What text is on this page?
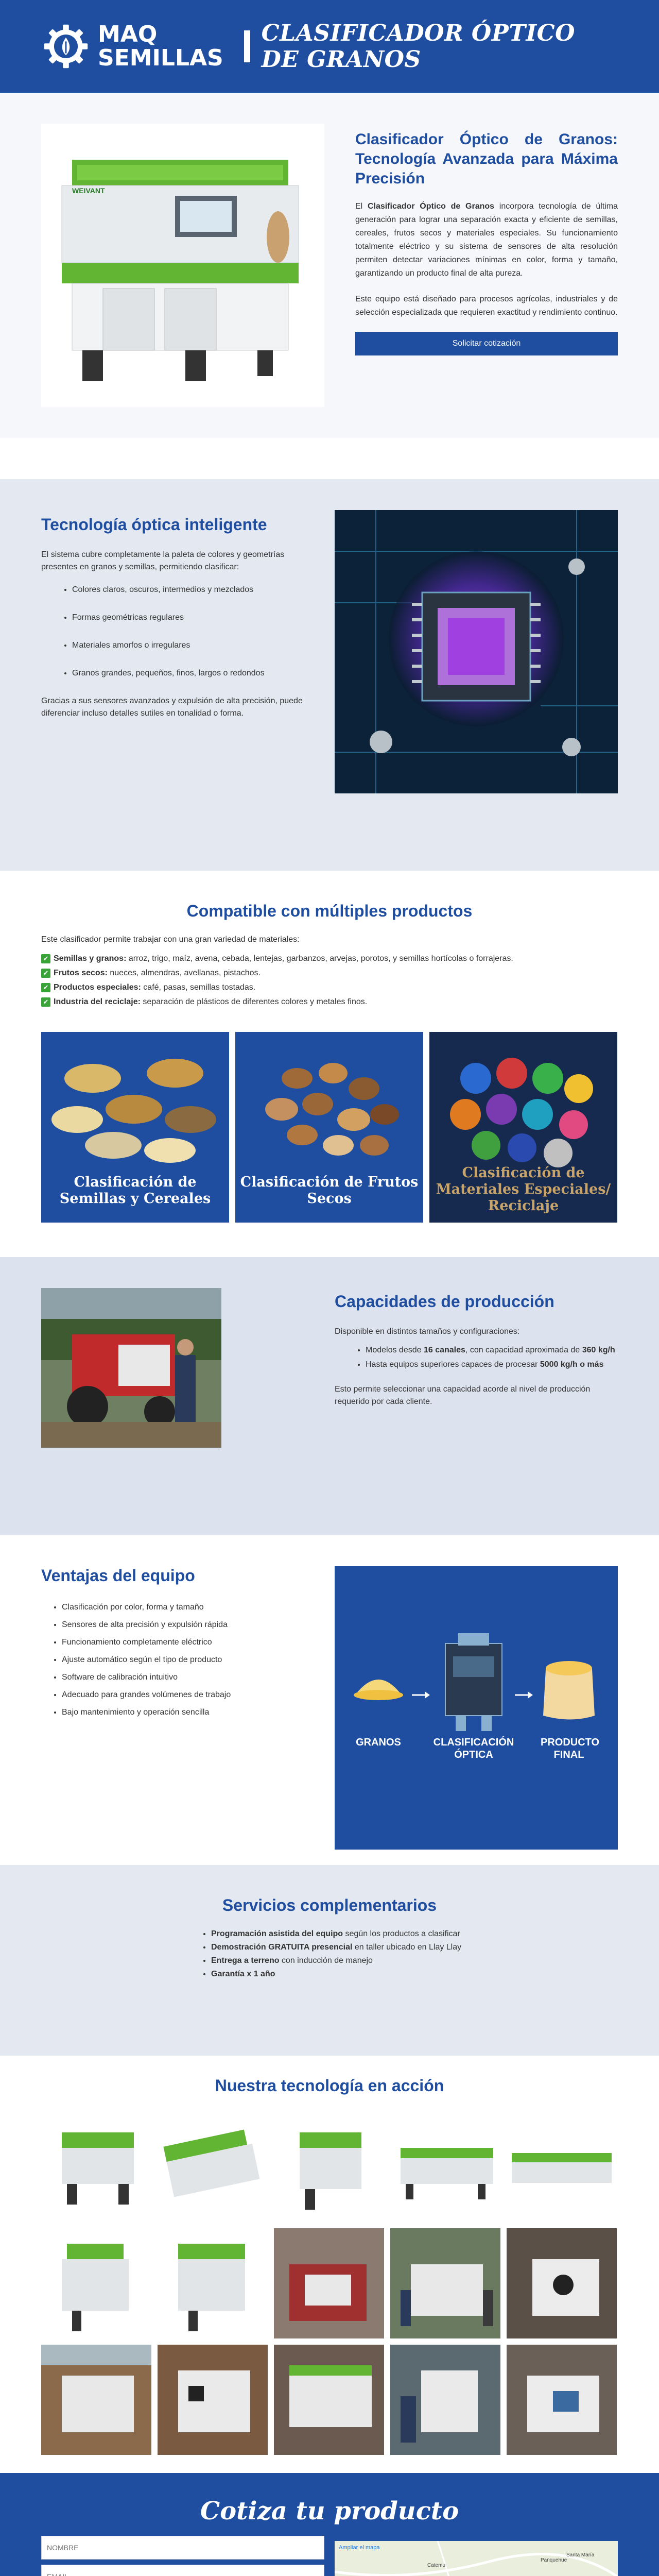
MAQ
SEMILLAS
CLASIFICADOR ÓPTICO DE GRANOS
WEIVANT
Clasificador Óptico de Granos: Tecnología Avanzada para Máxima Precisión

El Clasificador Óptico de Granos incorpora tecnología de última generación para lograr una separación exacta y eficiente de semillas, cereales, frutos secos y materiales especiales. Su funcionamiento totalmente eléctrico y su sistema de sensores de alta resolución permiten detectar variaciones mínimas en color, forma y tamaño, garantizando un producto final de alta pureza.

Este equipo está diseñado para procesos agrícolas, industriales y de selección especializada que requieren exactitud y rendimiento continuo.

Solicitar cotización
Tecnología óptica inteligente

El sistema cubre completamente la paleta de colores y geometrías presentes en granos y semillas, permitiendo clasificar:

• Colores claros, oscuros, intermedios y mezclados
• Formas geométricas regulares
• Materiales amorfos o irregulares
• Granos grandes, pequeños, finos, largos o redondos

Gracias a sus sensores avanzados y expulsión de alta precisión, puede diferenciar incluso detalles sutiles en tonalidad o forma.

Compatible con múltiples productos

Este clasificador permite trabajar con una gran variedad de materiales:

✔ Semillas y granos: arroz, trigo, maíz, avena, cebada, lentejas, garbanzos, arvejas, porotos, y semillas hortícolas o forrajeras.
✔ Frutos secos: nueces, almendras, avellanas, pistachos.
✔ Productos especiales: café, pasas, semillas tostadas.
✔ Industria del reciclaje: separación de plásticos de diferentes colores y metales finos.
Clasificación de Semillas y Cereales
Clasificación de Frutos Secos
Clasificación de Materiales Especiales/ Reciclaje
Capacidades de producción

Disponible en distintos tamaños y configuraciones:

• Modelos desde 16 canales, con capacidad aproximada de 360 kg/h
• Hasta equipos superiores capaces de procesar 5000 kg/h o más

Esto permite seleccionar una capacidad acorde al nivel de producción requerido por cada cliente.

Ventajas del equipo
• Clasificación por color, forma y tamaño
• Sensores de alta precisión y expulsión rápida
• Funcionamiento completamente eléctrico
• Ajuste automático según el tipo de producto
• Software de calibración intuitivo
• Adecuado para grandes volúmenes de trabajo
• Bajo mantenimiento y operación sencilla
GRANOS	CLASIFICACIÓN ÓPTICA
PRODUCTO FINAL
Servicios complementarios
• Programación asistida del equipo según los productos a clasificar
• Demostración GRATUITA presencial en taller ubicado en Llay Llay
• Entrega a terreno con inducción de manejo
• Garantía x 1 año
Nuestra tecnología en acción
Cotiza tu producto
NOMBRE EMAIL
Ampliar el mapa
Catemu
Panquehue
Santa María
